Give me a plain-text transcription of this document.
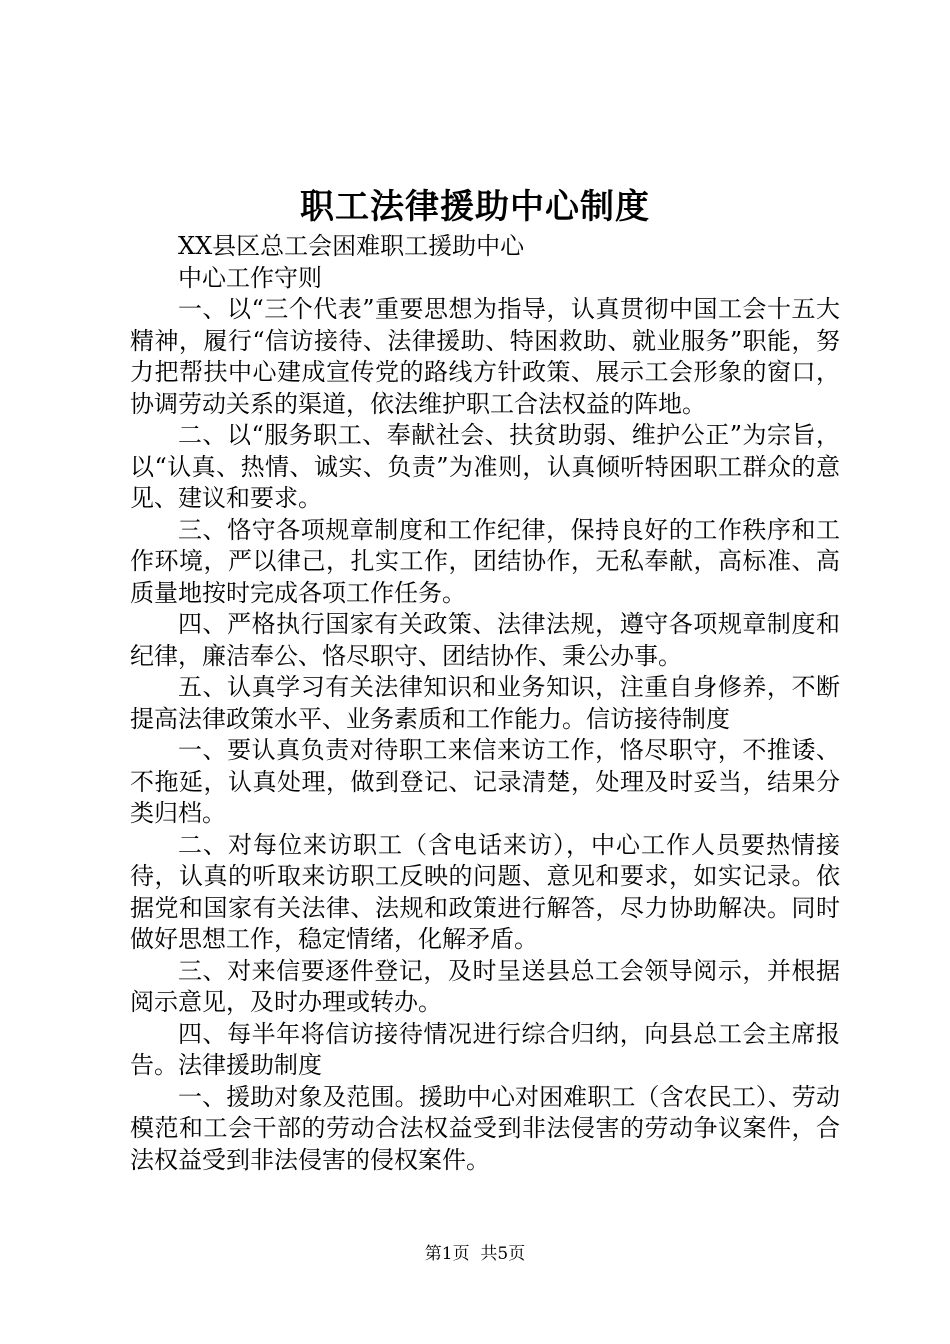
职工法律援助中心制度

XX县区总工会困难职工援助中心

中心工作守则

一、以“三个代表”重要思想为指导，认真贯彻中国工会十五大精神，履行“信访接待、法律援助、特困救助、就业服务”职能，努力把帮扶中心建成宣传党的路线方针政策、展示工会形象的窗口，协调劳动关系的渠道，依法维护职工合法权益的阵地。

二、以“服务职工、奉献社会、扶贫助弱、维护公正”为宗旨，以“认真、热情、诚实、负责”为准则，认真倾听特困职工群众的意见、建议和要求。

三、恪守各项规章制度和工作纪律，保持良好的工作秩序和工作环境，严以律己，扎实工作，团结协作，无私奉献，高标准、高质量地按时完成各项工作任务。

四、严格执行国家有关政策、法律法规，遵守各项规章制度和纪律，廉洁奉公、恪尽职守、团结协作、秉公办事。

五、认真学习有关法律知识和业务知识，注重自身修养，不断提高法律政策水平、业务素质和工作能力。信访接待制度

一、要认真负责对待职工来信来访工作，恪尽职守，不推诿、不拖延，认真处理，做到登记、记录清楚，处理及时妥当，结果分类归档。

二、对每位来访职工（含电话来访），中心工作人员要热情接待，认真的听取来访职工反映的问题、意见和要求，如实记录。依据党和国家有关法律、法规和政策进行解答，尽力协助解决。同时做好思想工作，稳定情绪，化解矛盾。

三、对来信要逐件登记，及时呈送县总工会领导阅示，并根据阅示意见，及时办理或转办。

四、每半年将信访接待情况进行综合归纳，向县总工会主席报告。法律援助制度

一、援助对象及范围。援助中心对困难职工（含农民工）、劳动模范和工会干部的劳动合法权益受到非法侵害的劳动争议案件，合法权益受到非法侵害的侵权案件。

第1页 共5页
